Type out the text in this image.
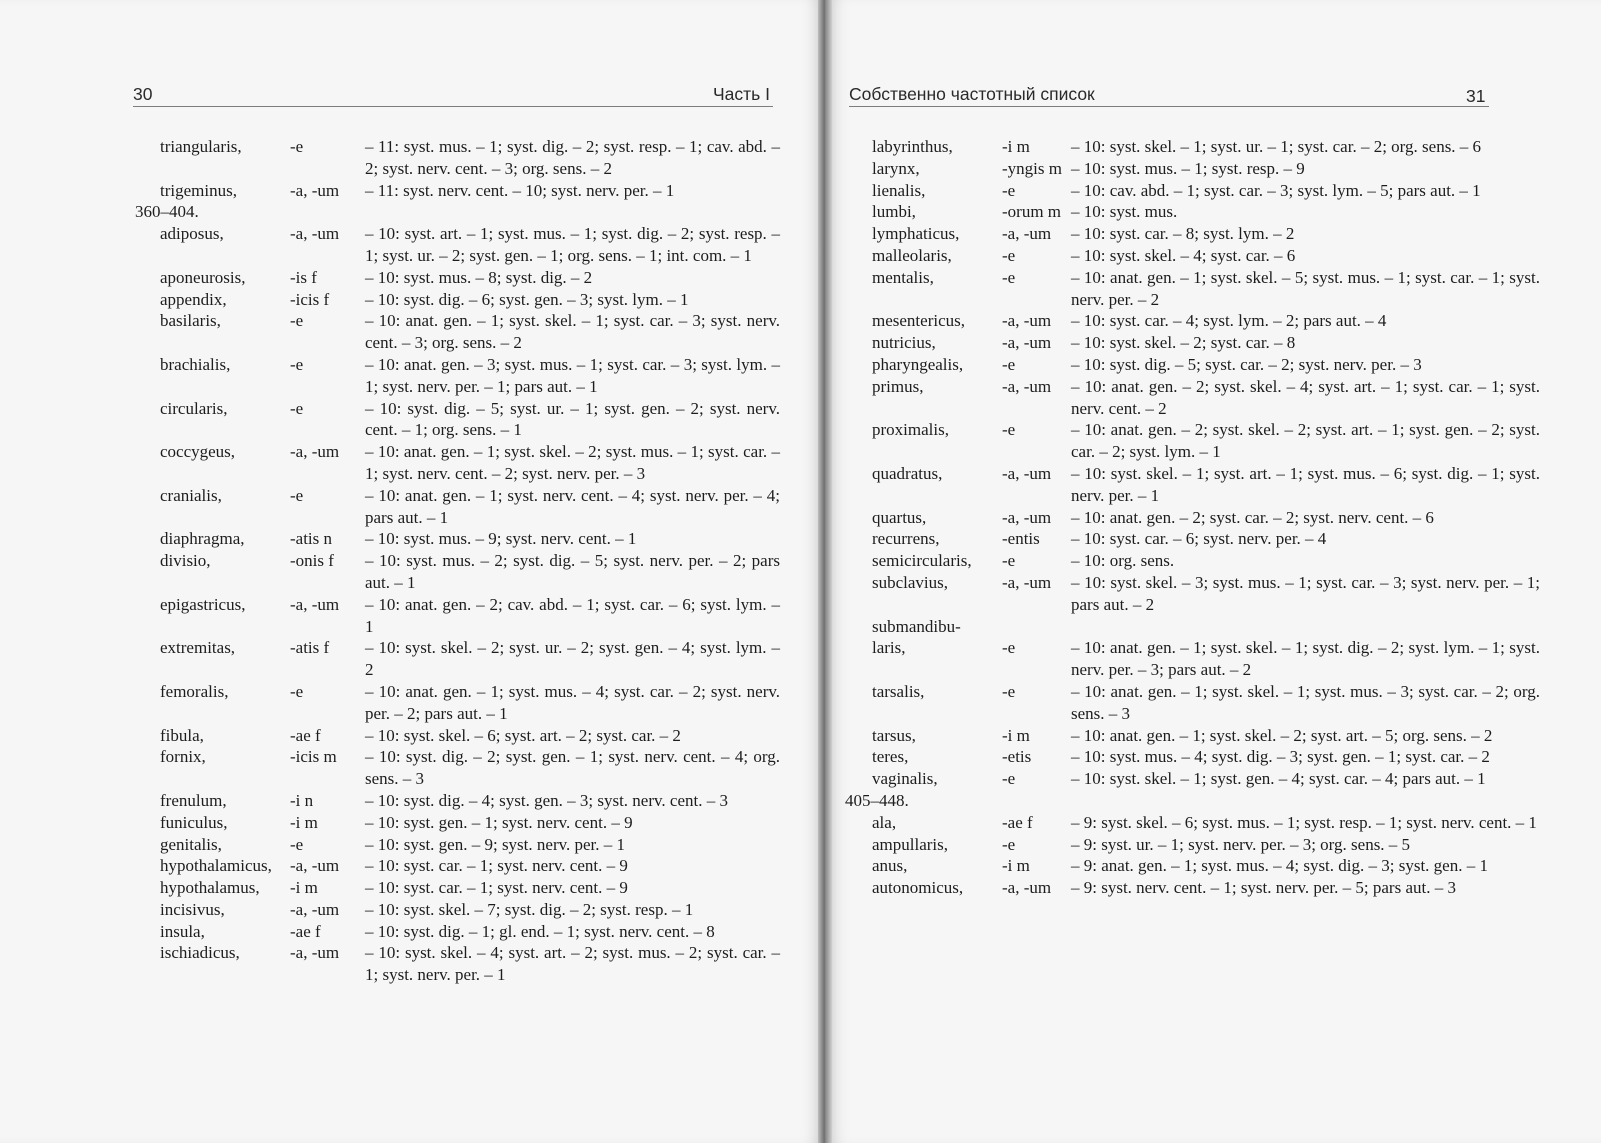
30	Часть I
triangularis,	-e	– 11: syst. mus. – 1; syst. dig. – 2; syst. resp. – 1; cav. abd. – 2; syst. nerv. cent. – 3; org. sens. – 2
trigeminus,	-a, -um – 11: syst. nerv. cent. – 10; syst. nerv. per. – 1
360–404.
adiposus,	-a, -um – 10: syst. art. – 1; syst. mus. – 1; syst. dig. – 2; syst. resp. – 1; syst. ur. – 2; syst. gen. – 1; org. sens. – 1; int. com. – 1
aponeurosis,	-is f	– 10: syst. mus. – 8; syst. dig. – 2
appendix,	-icis f – 10: syst. dig. – 6; syst. gen. – 3; syst. lym. – 1
basilaris,	-e	– 10: anat. gen. – 1; syst. skel. – 1; syst. car. – 3; syst. nerv. cent. – 3; org. sens. – 2
brachialis,	-e	– 10: anat. gen. – 3; syst. mus. – 1; syst. car. – 3; syst. lym. – 1; syst. nerv. per. – 1; pars aut. – 1
circularis,	-e	– 10: syst. dig. – 5; syst. ur. – 1; syst. gen. – 2; syst. nerv. cent. – 1; org. sens. – 1
coccygeus,	-a, -um – 10: anat. gen. – 1; syst. skel. – 2; syst. mus. – 1; syst. car. – 1; syst. nerv. cent. – 2; syst. nerv. per. – 3
cranialis,	-e	– 10: anat. gen. – 1; syst. nerv. cent. – 4; syst. nerv. per. – 4; pars aut. – 1
diaphragma,	-atis n – 10: syst. mus. – 9; syst. nerv. cent. – 1
divisio,	-onis f – 10: syst. mus. – 2; syst. dig. – 5; syst. nerv. per. – 2; pars aut. – 1
epigastricus,	-a, -um – 10: anat. gen. – 2; cav. abd. – 1; syst. car. – 6; syst. lym. – 1
extremitas,	-atis f – 10: syst. skel. – 2; syst. ur. – 2; syst. gen. – 4; syst. lym. – 2
femoralis,	-e	– 10: anat. gen. – 1; syst. mus. – 4; syst. car. – 2; syst. nerv. per. – 2; pars aut. – 1
fibula,	-ae f	– 10: syst. skel. – 6; syst. art. – 2; syst. car. – 2
fornix,	-icis m – 10: syst. dig. – 2; syst. gen. – 1; syst. nerv. cent. – 4; org. sens. – 3
frenulum,	-i n	– 10: syst. dig. – 4; syst. gen. – 3; syst. nerv. cent. – 3
funiculus,	-i m	– 10: syst. gen. – 1; syst. nerv. cent. – 9
genitalis,	-e	– 10: syst. gen. – 9; syst. nerv. per. – 1
hypothalamicus, -a, -um – 10: syst. car. – 1; syst. nerv. cent. – 9
hypothalamus, -i m	– 10: syst. car. – 1; syst. nerv. cent. – 9
incisivus,	-a, -um – 10: syst. skel. – 7; syst. dig. – 2; syst. resp. – 1
insula,	-ae f	– 10: syst. dig. – 1; gl. end. – 1; syst. nerv. cent. – 8
ischiadicus,	-a, -um – 10: syst. skel. – 4; syst. art. – 2; syst. mus. – 2; syst. car. – 1; syst. nerv. per. – 1
Собственно частотный список	31
labyrinthus,	-i m – 10: syst. skel. – 1; syst. ur. – 1; syst. car. – 2; org. sens. – 6
larynx,	-yngis m – 10: syst. mus. – 1; syst. resp. – 9
lienalis,	-e	– 10: cav. abd. – 1; syst. car. – 3; syst. lym. – 5; pars aut. – 1
lumbi,	-orum m – 10: syst. mus.
lymphaticus,	-a, -um – 10: syst. car. – 8; syst. lym. – 2
malleolaris,	-e	– 10: syst. skel. – 4; syst. car. – 6
mentalis,	-e	– 10: anat. gen. – 1; syst. skel. – 5; syst. mus. – 1; syst. car. – 1; syst. nerv. per. – 2
mesentericus, -a, -um – 10: syst. car. – 4; syst. lym. – 2; pars aut. – 4
nutricius,	-a, -um – 10: syst. skel. – 2; syst. car. – 8
pharyngealis, -e	– 10: syst. dig. – 5; syst. car. – 2; syst. nerv. per. – 3
primus,	-a, -um – 10: anat. gen. – 2; syst. skel. – 4; syst. art. – 1; syst. car. – 1; syst. nerv. cent. – 2
proximalis,	-e	– 10: anat. gen. – 2; syst. skel. – 2; syst. art. – 1; syst. gen. – 2; syst. car. – 2; syst. lym. – 1
quadratus,	-a, -um – 10: syst. skel. – 1; syst. art. – 1; syst. mus. – 6; syst. dig. – 1; syst. nerv. per. – 1
quartus,	-a, -um – 10: anat. gen. – 2; syst. car. – 2; syst. nerv. cent. – 6
recurrens,	-entis – 10: syst. car. – 6; syst. nerv. per. – 4
semicircularis, -e	– 10: org. sens.
subclavius,	-a, -um – 10: syst. skel. – 3; syst. mus. – 1; syst. car. – 3; syst. nerv. per. – 1; pars aut. – 2
submandibu-
laris,	-e	– 10: anat. gen. – 1; syst. skel. – 1; syst. dig. – 2; syst. lym. – 1; syst. nerv. per. – 3; pars aut. – 2
tarsalis,	-e	– 10: anat. gen. – 1; syst. skel. – 1; syst. mus. – 3; syst. car. – 2; org. sens. – 3
tarsus,	-i m – 10: anat. gen. – 1; syst. skel. – 2; syst. art. – 5; org. sens. – 2
teres,	-etis – 10: syst. mus. – 4; syst. dig. – 3; syst. gen. – 1; syst. car. – 2
vaginalis,	-e	– 10: syst. skel. – 1; syst. gen. – 4; syst. car. – 4; pars aut. – 1
405–448.
ala,	-ae f – 9: syst. skel. – 6; syst. mus. – 1; syst. resp. – 1; syst. nerv. cent. – 1
ampullaris,	-e	– 9: syst. ur. – 1; syst. nerv. per. – 3; org. sens. – 5
anus,	-i m – 9: anat. gen. – 1; syst. mus. – 4; syst. dig. – 3; syst. gen. – 1
autonomicus, -a, -um – 9: syst. nerv. cent. – 1; syst. nerv. per. – 5; pars aut. – 3
